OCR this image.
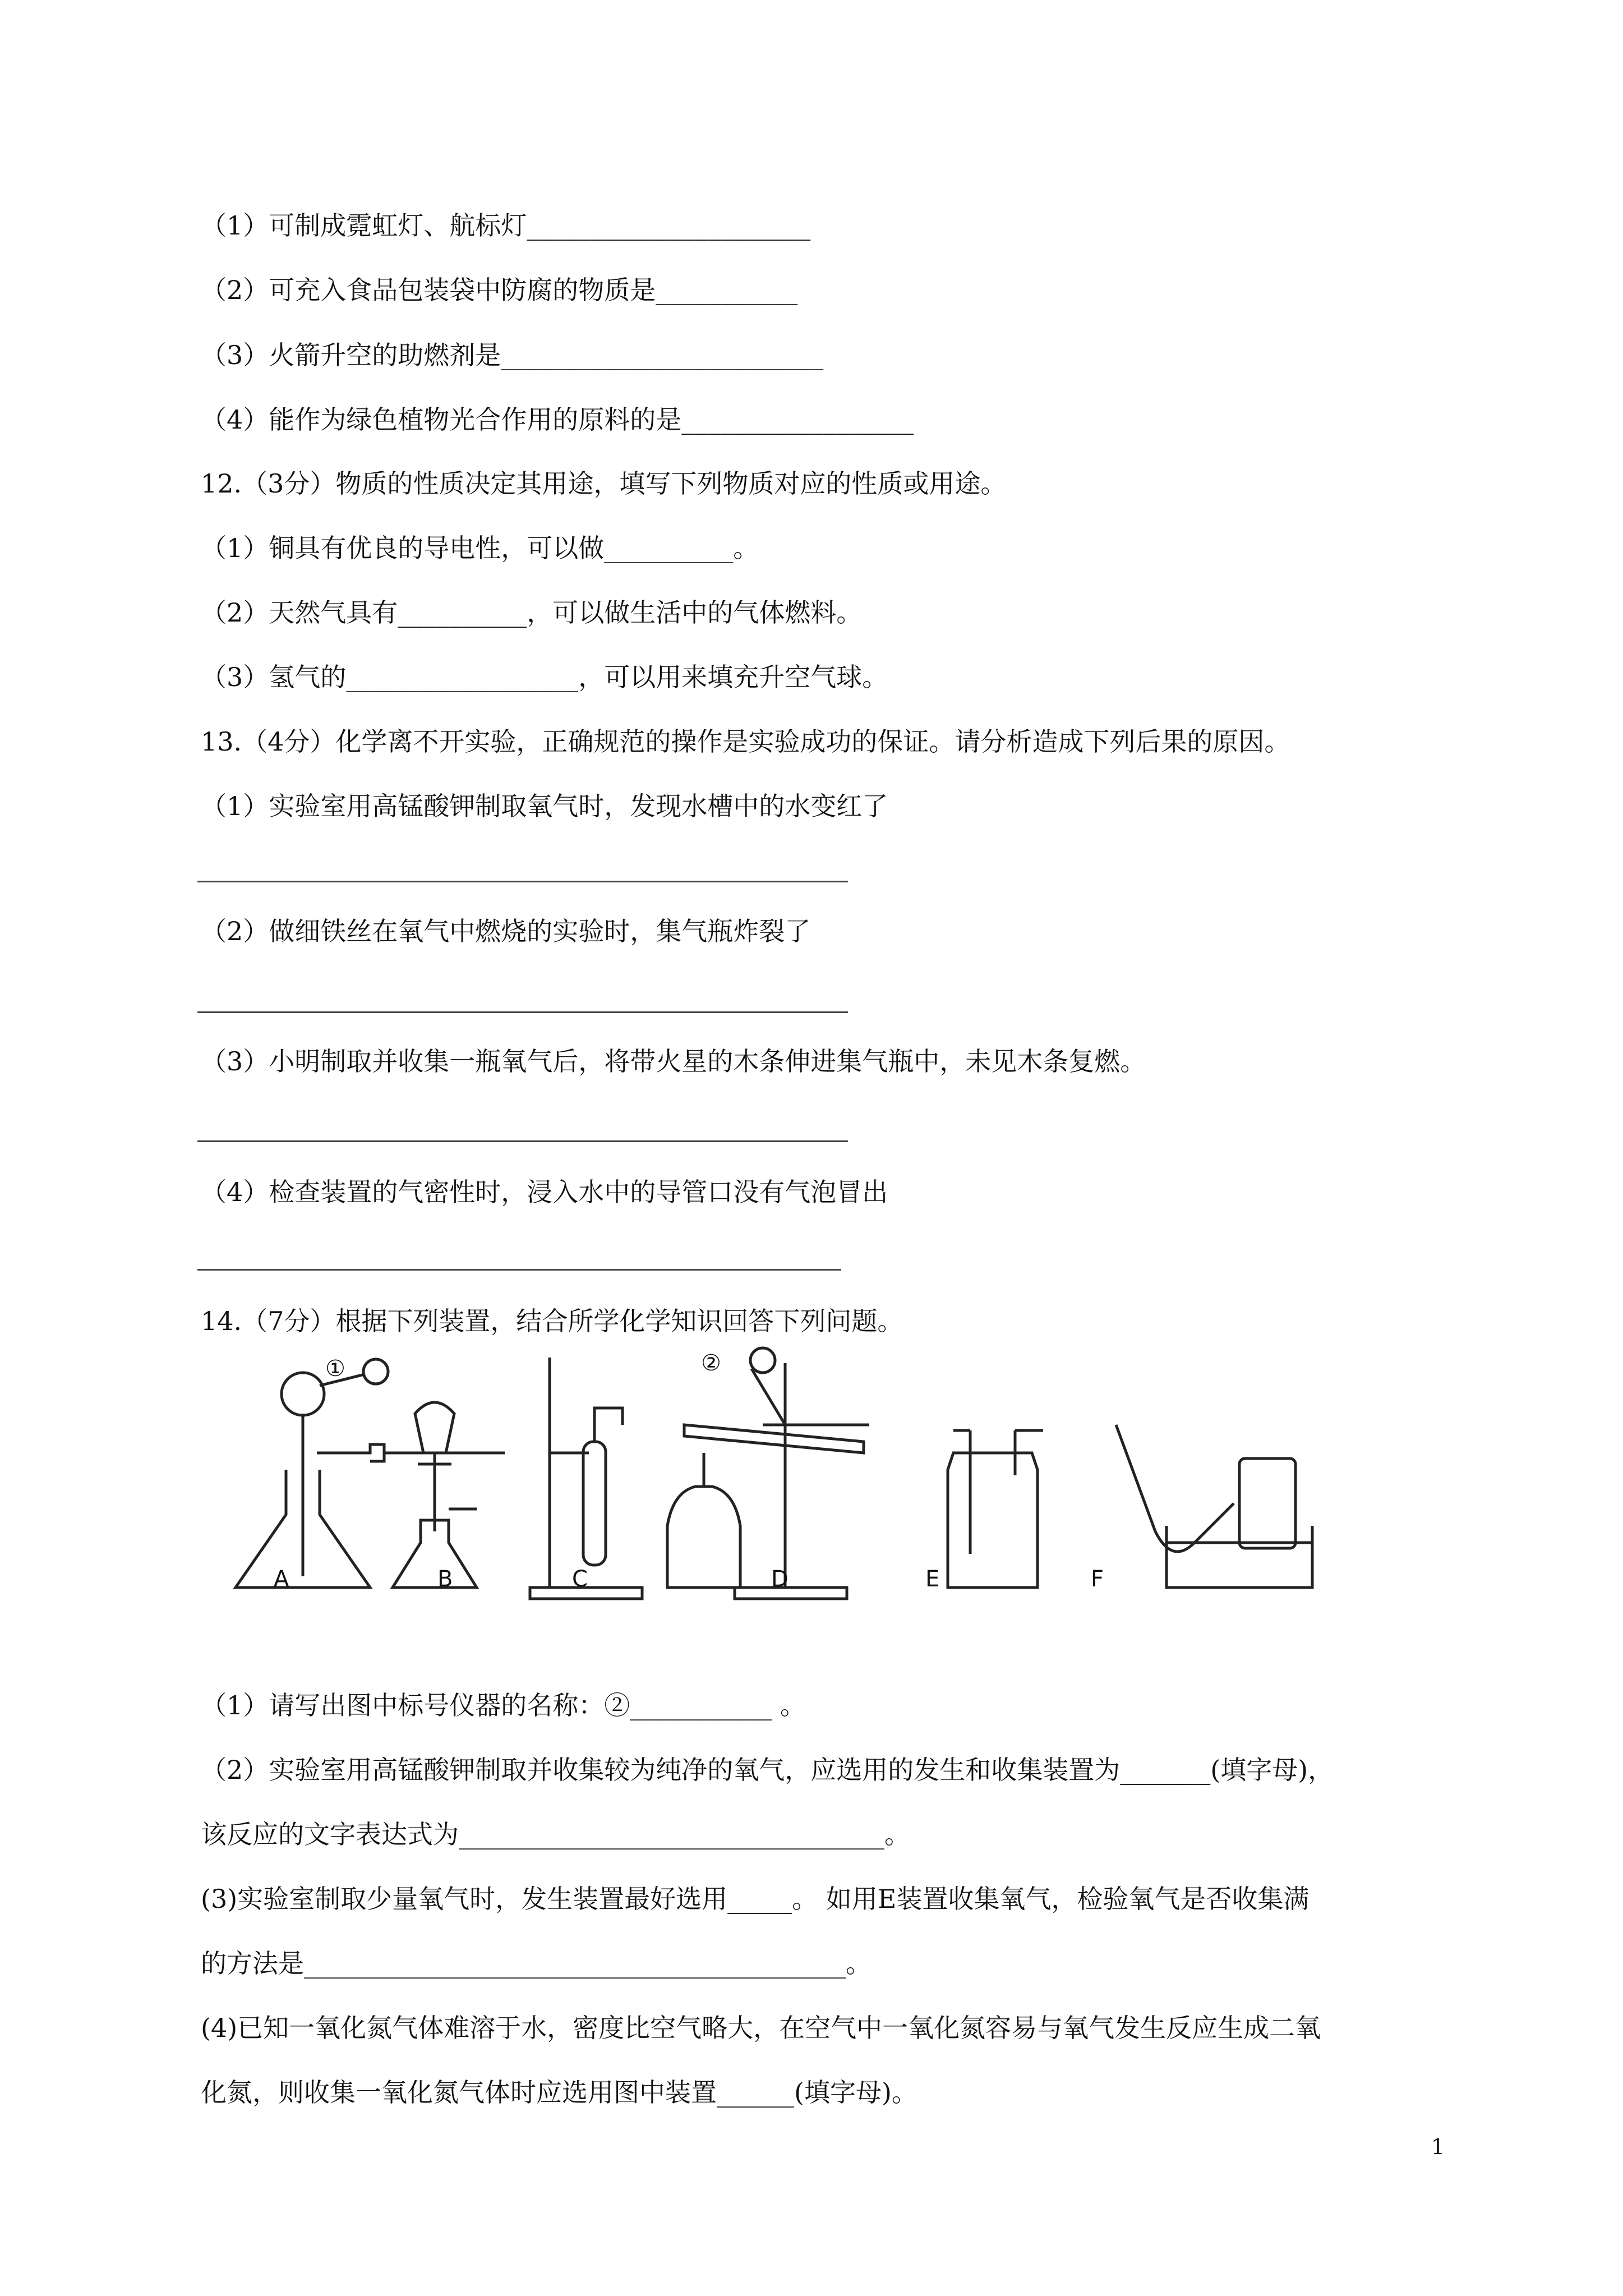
（1）可制成霓虹灯、航标灯______________________
（2）可充入食品包装袋中防腐的物质是___________
（3）火箭升空的助燃剂是_________________________
（4）能作为绿色植物光合作用的原料的是__________________
12.（3分）物质的性质决定其用途，填写下列物质对应的性质或用途。
（1）铜具有优良的导电性，可以做__________。
（2）天然气具有__________，可以做生活中的气体燃料。
（3）氢气的__________________，可以用来填充升空气球。
13.（4分）化学离不开实验，正确规范的操作是实验成功的保证。请分析造成下列后果的原因。
（1）实验室用高锰酸钾制取氧气时，发现水槽中的水变红了
（2）做细铁丝在氧气中燃烧的实验时，集气瓶炸裂了
（3）小明制取并收集一瓶氧气后，将带火星的木条伸进集气瓶中，未见木条复燃。
（4）检查装置的气密性时，浸入水中的导管口没有气泡冒出
14.（7分）根据下列装置，结合所学化学知识回答下列问题。
A	B	C	D	E	F
①	②
（1）请写出图中标号仪器的名称：②___________ 。
（2）实验室用高锰酸钾制取并收集较为纯净的氧气，应选用的发生和收集装置为_______(填字母)，
该反应的文字表达式为_________________________________。
(3)实验室制取少量氧气时，发生装置最好选用_____。 如用E装置收集氧气，检验氧气是否收集满
的方法是__________________________________________。
(4)已知一氧化氮气体难溶于水，密度比空气略大，在空气中一氧化氮容易与氧气发生反应生成二氧
化氮，则收集一氧化氮气体时应选用图中装置______(填字母)。
1
